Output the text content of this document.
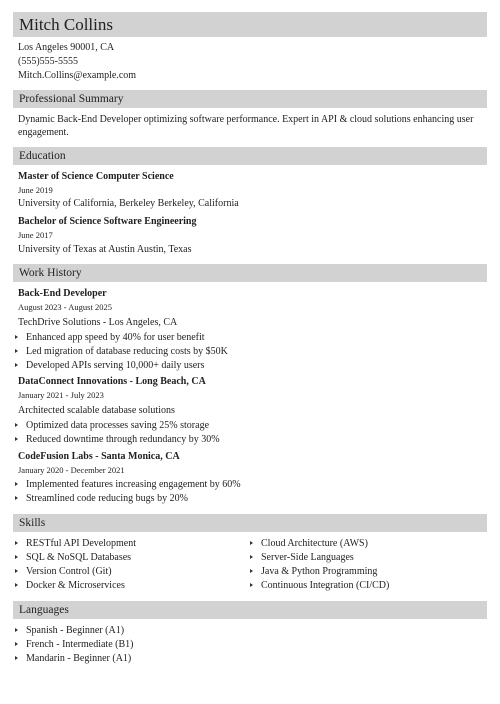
Mitch Collins
Los Angeles 90001, CA
(555)555-5555
Mitch.Collins@example.com
Professional Summary
Dynamic Back-End Developer optimizing software performance. Expert in API & cloud solutions enhancing user engagement.
Education
Master of Science Computer Science
June 2019
University of California, Berkeley Berkeley, California
Bachelor of Science Software Engineering
June 2017
University of Texas at Austin Austin, Texas
Work History
Back-End Developer
August 2023 - August 2025
TechDrive Solutions - Los Angeles, CA
Enhanced app speed by 40% for user benefit
Led migration of database reducing costs by $50K
Developed APIs serving 10,000+ daily users
DataConnect Innovations - Long Beach, CA
January 2021 - July 2023
Architected scalable database solutions
Optimized data processes saving 25% storage
Reduced downtime through redundancy by 30%
CodeFusion Labs - Santa Monica, CA
January 2020 - December 2021
Implemented features increasing engagement by 60%
Streamlined code reducing bugs by 20%
Skills
RESTful API Development
SQL & NoSQL Databases
Version Control (Git)
Docker & Microservices
Cloud Architecture (AWS)
Server-Side Languages
Java & Python Programming
Continuous Integration (CI/CD)
Languages
Spanish - Beginner (A1)
French - Intermediate (B1)
Mandarin - Beginner (A1)
